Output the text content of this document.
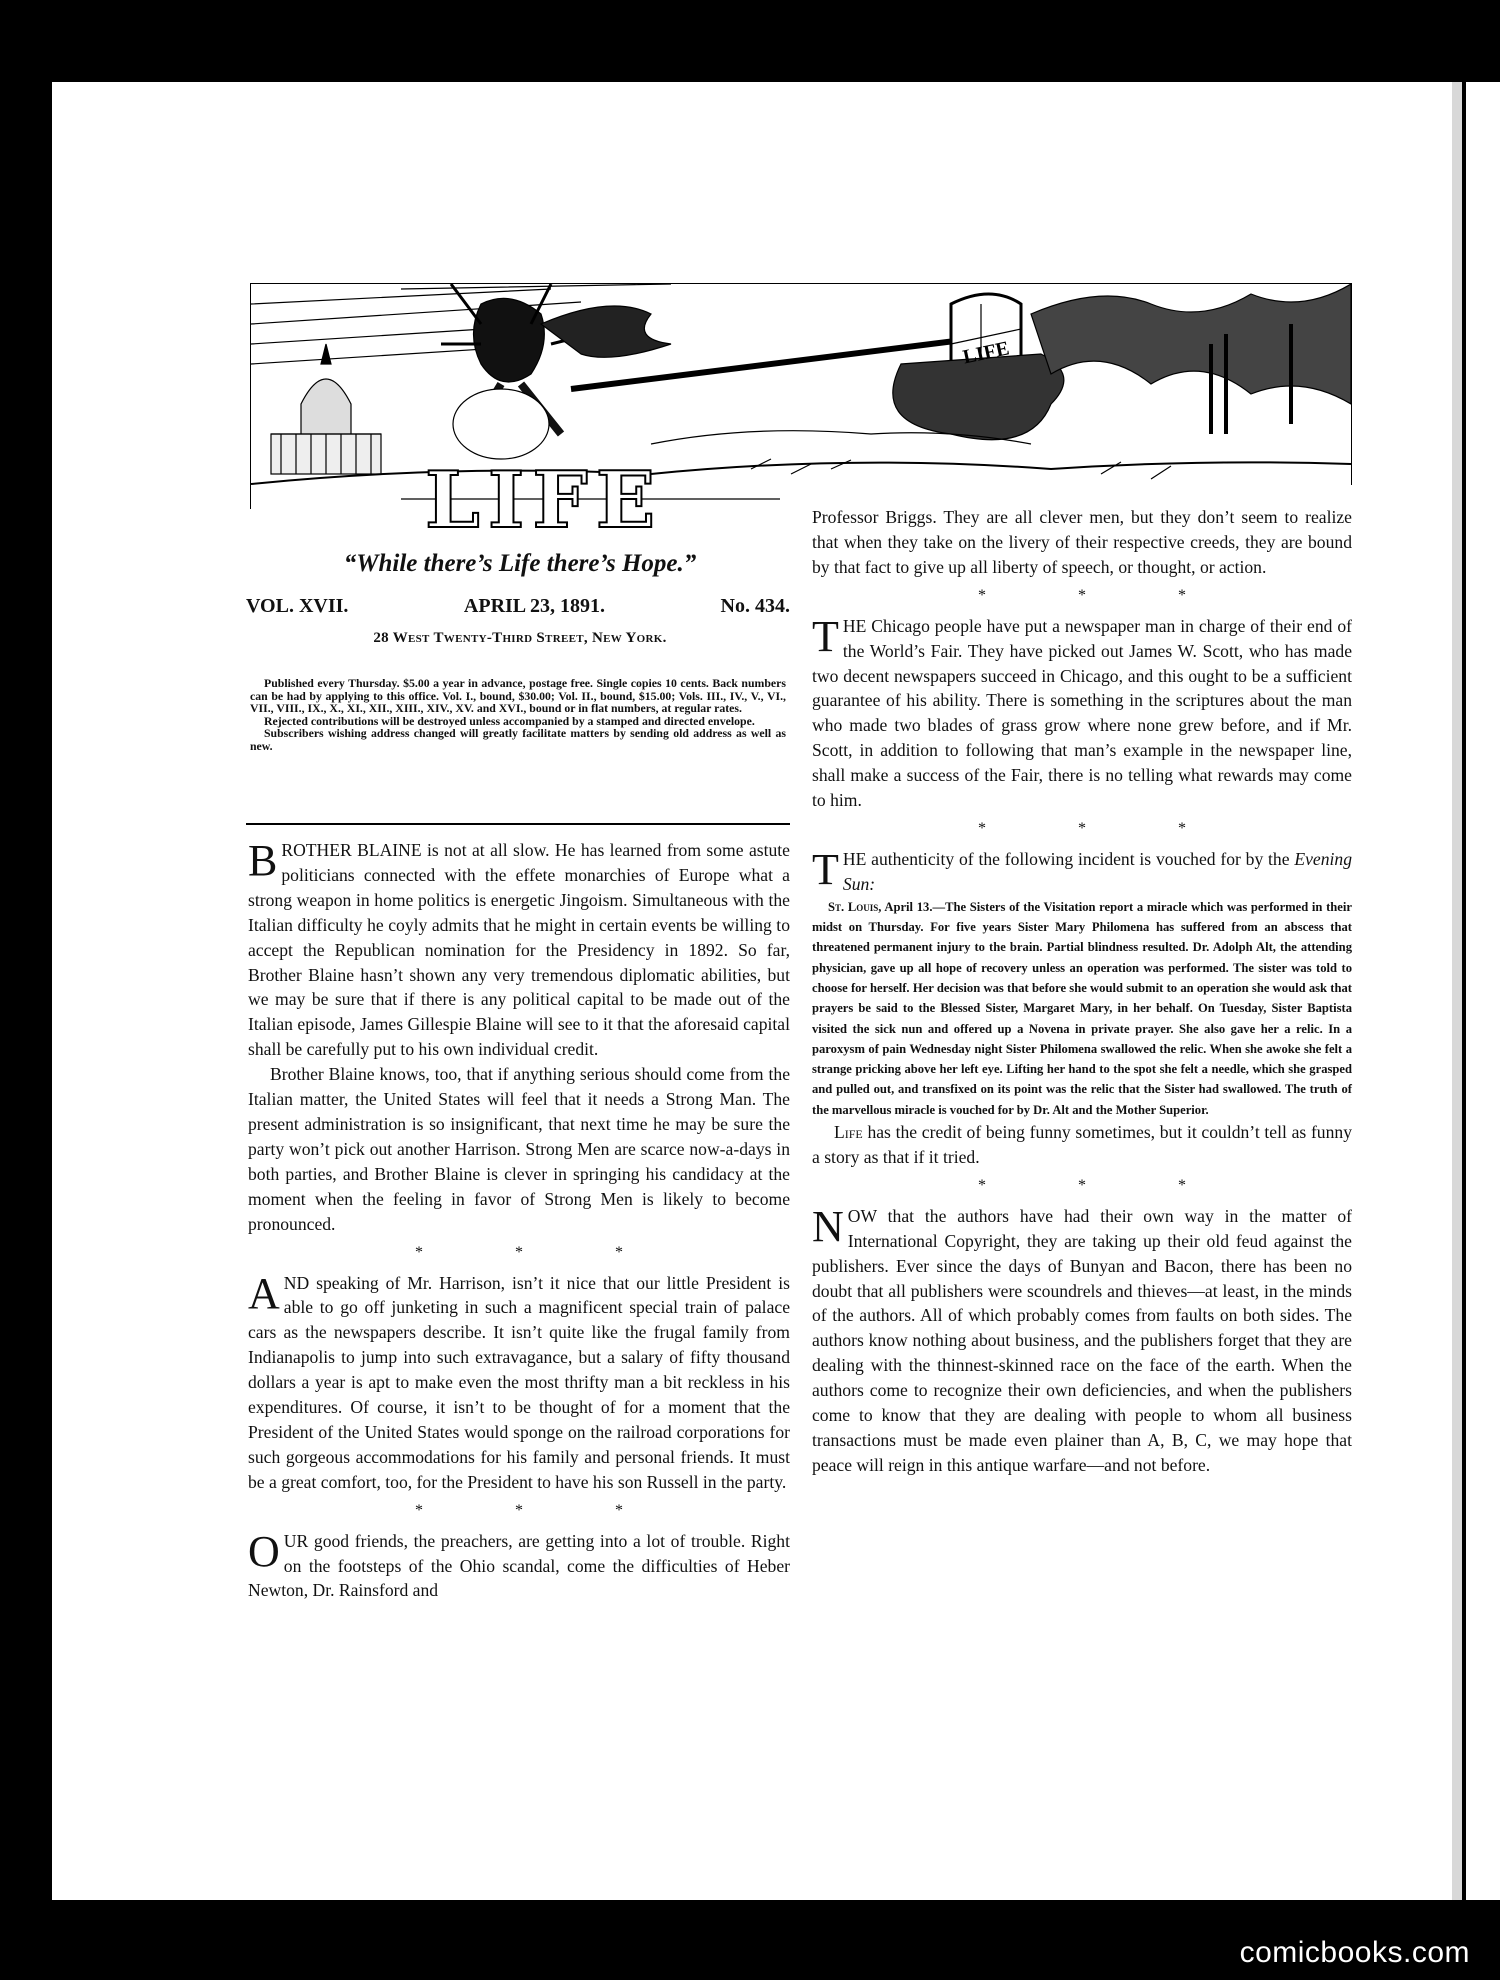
LIFE
LIFE
“While there’s Life there’s Hope.”
VOL. XVII.	APRIL 23, 1891.	No. 434.
28 West Twenty-Third Street, New York.

Published every Thursday. $5.00 a year in advance, postage free. Single copies 10 cents. Back numbers can be had by applying to this office. Vol. I., bound, $30.00; Vol. II., bound, $15.00; Vols. III., IV., V., VI., VII., VIII., IX., X., XI., XII., XIII., XIV., XV. and XVI., bound or in flat numbers, at regular rates.

Rejected contributions will be destroyed unless accompanied by a stamped and directed envelope.

Subscribers wishing address changed will greatly facilitate matters by sending old address as well as new.

BROTHER BLAINE is not at all slow. He has learned from some astute politicians connected with the effete monarchies of Europe what a strong weapon in home politics is energetic Jingoism. Simultaneous with the Italian difficulty he coyly admits that he might in certain events be willing to accept the Republican nomination for the Presidency in 1892. So far, Brother Blaine hasn’t shown any very tremendous diplomatic abilities, but we may be sure that if there is any political capital to be made out of the Italian episode, James Gillespie Blaine will see to it that the aforesaid capital shall be carefully put to his own individual credit.

Brother Blaine knows, too, that if anything serious should come from the Italian matter, the United States will feel that it needs a Strong Man. The present administration is so insignificant, that next time he may be sure the party won’t pick out another Harrison. Strong Men are scarce now-a-days in both parties, and Brother Blaine is clever in springing his candidacy at the moment when the feeling in favor of Strong Men is likely to become pronounced.

* * *

AND speaking of Mr. Harrison, isn’t it nice that our little President is able to go off junketing in such a magnificent special train of palace cars as the newspapers describe. It isn’t quite like the frugal family from Indianapolis to jump into such extravagance, but a salary of fifty thousand dollars a year is apt to make even the most thrifty man a bit reckless in his expenditures. Of course, it isn’t to be thought of for a moment that the President of the United States would sponge on the railroad corporations for such gorgeous accommodations for his family and personal friends. It must be a great comfort, too, for the President to have his son Russell in the party.

* * *

OUR good friends, the preachers, are getting into a lot of trouble. Right on the footsteps of the Ohio scandal, come the difficulties of Heber Newton, Dr. Rainsford and

Professor Briggs. They are all clever men, but they don’t seem to realize that when they take on the livery of their respective creeds, they are bound by that fact to give up all liberty of speech, or thought, or action.

* * *

THE Chicago people have put a newspaper man in charge of their end of the World’s Fair. They have picked out James W. Scott, who has made two decent newspapers succeed in Chicago, and this ought to be a sufficient guarantee of his ability. There is something in the scriptures about the man who made two blades of grass grow where none grew before, and if Mr. Scott, in addition to following that man’s example in the newspaper line, shall make a success of the Fair, there is no telling what rewards may come to him.

* * *

THE authenticity of the following incident is vouched for by the Evening Sun:

St. Louis, April 13.—The Sisters of the Visitation report a miracle which was performed in their midst on Thursday. For five years Sister Mary Philomena has suffered from an abscess that threatened permanent injury to the brain. Partial blindness resulted. Dr. Adolph Alt, the attending physician, gave up all hope of recovery unless an operation was performed. The sister was told to choose for herself. Her decision was that before she would submit to an operation she would ask that prayers be said to the Blessed Sister, Margaret Mary, in her behalf. On Tuesday, Sister Baptista visited the sick nun and offered up a Novena in private prayer. She also gave her a relic. In a paroxysm of pain Wednesday night Sister Philomena swallowed the relic. When she awoke she felt a strange pricking above her left eye. Lifting her hand to the spot she felt a needle, which she grasped and pulled out, and transfixed on its point was the relic that the Sister had swallowed. The truth of the marvellous miracle is vouched for by Dr. Alt and the Mother Superior.

Life has the credit of being funny sometimes, but it couldn’t tell as funny a story as that if it tried.

* * *

NOW that the authors have had their own way in the matter of International Copyright, they are taking up their old feud against the publishers. Ever since the days of Bunyan and Bacon, there has been no doubt that all publishers were scoundrels and thieves—at least, in the minds of the authors. All of which probably comes from faults on both sides. The authors know nothing about business, and the publishers forget that they are dealing with the thinnest-skinned race on the face of the earth. When the authors come to recognize their own deficiencies, and when the publishers come to know that they are dealing with people to whom all business transactions must be made even plainer than A, B, C, we may hope that peace will reign in this antique warfare—and not before.

comicbooks.com
